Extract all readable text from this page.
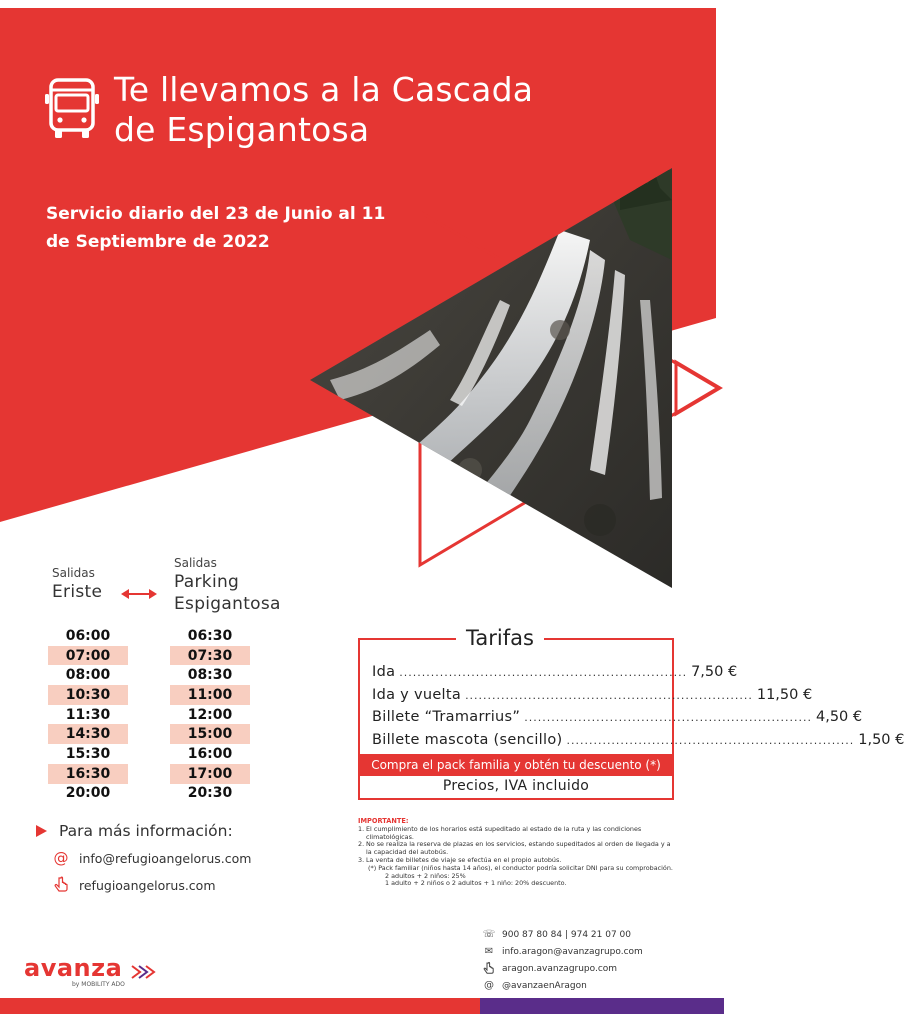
Te llevamos a la Cascada de Espigantosa
Servicio diario del 23 de Junio al 11 de Septiembre de 2022
Salidas
Eriste
Salidas
Parking Espigantosa
06:00
07:00
08:00
10:30
11:30
14:30
15:30
16:30
20:00
06:30
07:30
08:30
11:00
12:00
15:00
16:00
17:00
20:30
Tarifas
Ida ................................................................ 7,50 €
Ida y vuelta ................................................................ 11,50 €
Billete “Tramarrius” ................................................................ 4,50 €
Billete mascota (sencillo) ................................................................ 1,50 €
Compra el pack familia y obtén tu descuento (*)
Precios, IVA incluido
Para más información:
@ info@refugioangelorus.com
refugioangelorus.com
IMPORTANTE:
1. El cumplimiento de los horarios está supeditado al estado de la ruta y las condiciones climatológicas.
2. No se realiza la reserva de plazas en los servicios, estando supeditados al orden de llegada y a la capacidad del autobús.
3. La venta de billetes de viaje se efectúa en el propio autobús.
(*) Pack familiar (niños hasta 14 años), el conductor podría solicitar DNI para su comprobación.
2 adultos + 2 niños: 25%
1 adulto + 2 niños o 2 adultos + 1 niño: 20% descuento.
☏ 900 87 80 84 | 974 21 07 00
✉ info.aragon@avanzagrupo.com
aragon.avanzagrupo.com
@ @avanzaenAragon
avanza
by MOBILITY ADO
